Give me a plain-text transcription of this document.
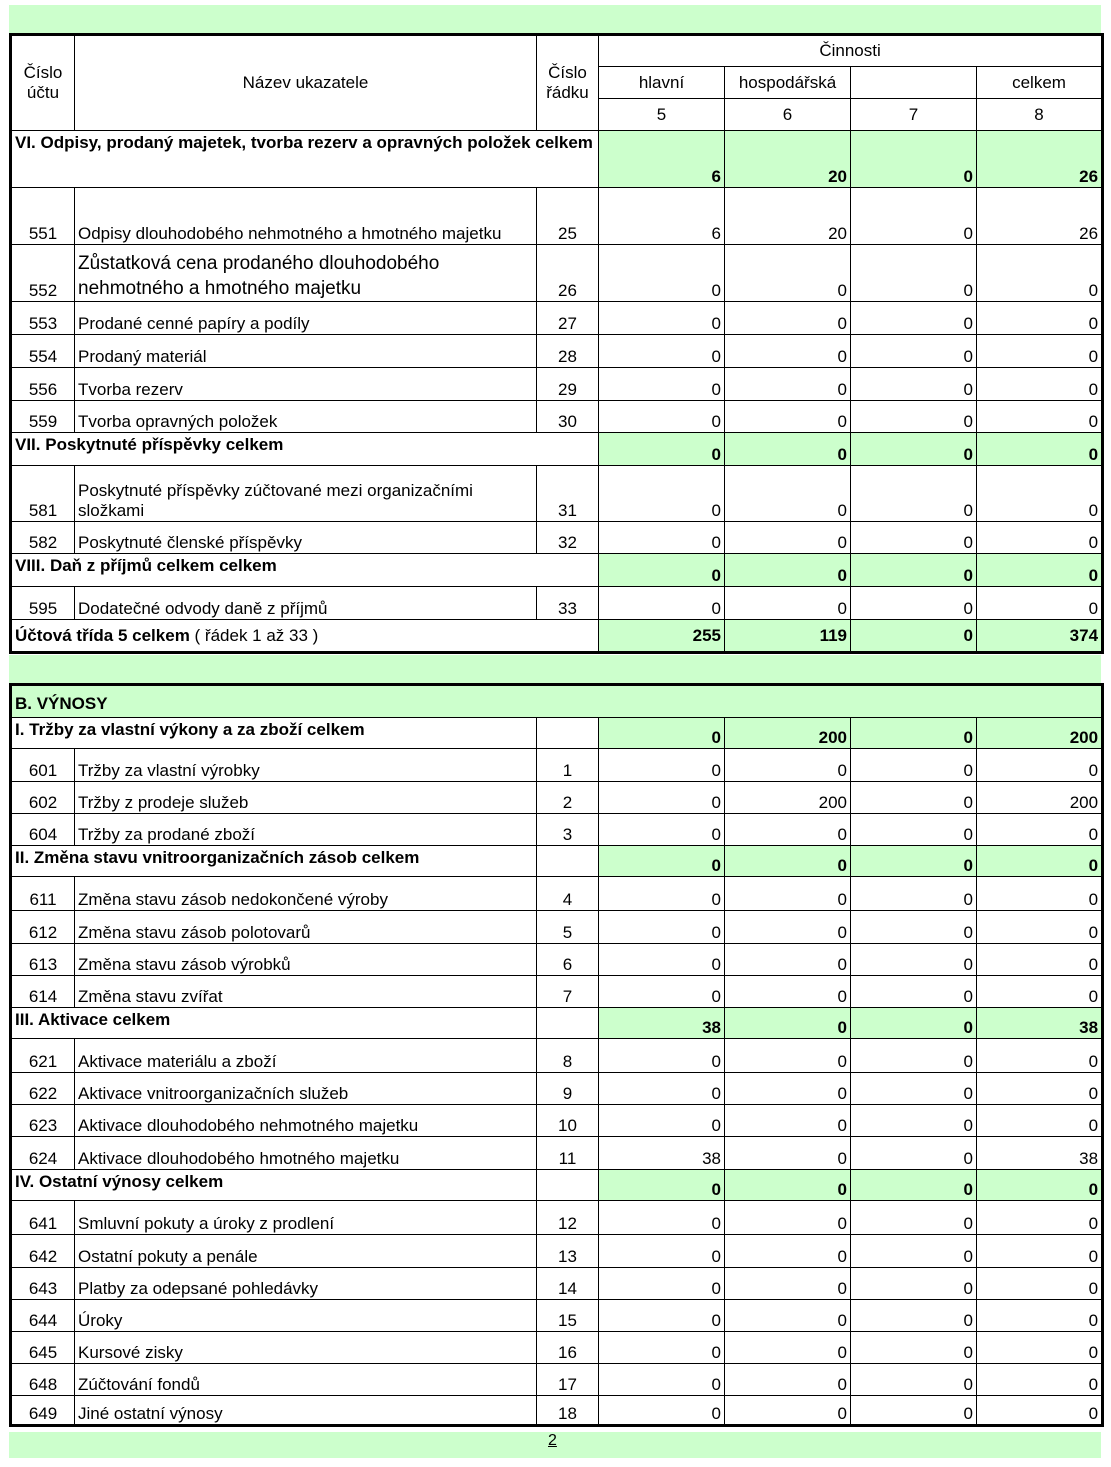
Číslo účtu	Název ukazatele	Číslo řádku	Činnosti			
			hlavní	hospodářská		celkem
			5	6	7	8
VI. Odpisy, prodaný majetek, tvorba rezerv a opravných položek celkem			6	20	0	26
551	Odpisy dlouhodobého nehmotného a hmotného majetku	25	6	20	0	26
552	Zůstatková cena prodaného dlouhodobého nehmotného a hmotného majetku	26	0	0	0	0
553	Prodané cenné papíry a podíly	27	0	0	0	0
554	Prodaný materiál	28	0	0	0	0
556	Tvorba rezerv	29	0	0	0	0
559	Tvorba opravných položek	30	0	0	0	0
VII. Poskytnuté příspěvky celkem			0	0	0	0
581	Poskytnuté příspěvky zúčtované mezi organizačními složkami	31	0	0	0	0
582	Poskytnuté členské příspěvky	32	0	0	0	0
VIII. Daň z příjmů celkem celkem			0	0	0	0
595	Dodatečné odvody daně z příjmů	33	0	0	0	0
Účtová třída 5 celkem ( řádek 1 až 33 )			255	119	0	374
B. VÝNOSY						
I. Tržby za vlastní výkony a za zboží celkem			0	200	0	200
601	Tržby za vlastní výrobky	1	0	0	0	0
602	Tržby z prodeje služeb	2	0	200	0	200
604	Tržby za prodané zboží	3	0	0	0	0
II. Změna stavu vnitroorganizačních zásob celkem			0	0	0	0
611	Změna stavu zásob nedokončené výroby	4	0	0	0	0
612	Změna stavu zásob polotovarů	5	0	0	0	0
613	Změna stavu zásob výrobků	6	0	0	0	0
614	Změna stavu zvířat	7	0	0	0	0
III. Aktivace celkem			38	0	0	38
621	Aktivace materiálu a zboží	8	0	0	0	0
622	Aktivace vnitroorganizačních služeb	9	0	0	0	0
623	Aktivace dlouhodobého nehmotného majetku	10	0	0	0	0
624	Aktivace dlouhodobého hmotného majetku	11	38	0	0	38
IV. Ostatní výnosy celkem			0	0	0	0
641	Smluvní pokuty a úroky z prodlení	12	0	0	0	0
642	Ostatní pokuty a penále	13	0	0	0	0
643	Platby za odepsané pohledávky	14	0	0	0	0
644	Úroky	15	0	0	0	0
645	Kursové zisky	16	0	0	0	0
648	Zúčtování fondů	17	0	0	0	0
649	Jiné ostatní výnosy	18	0	0	0	0
2
